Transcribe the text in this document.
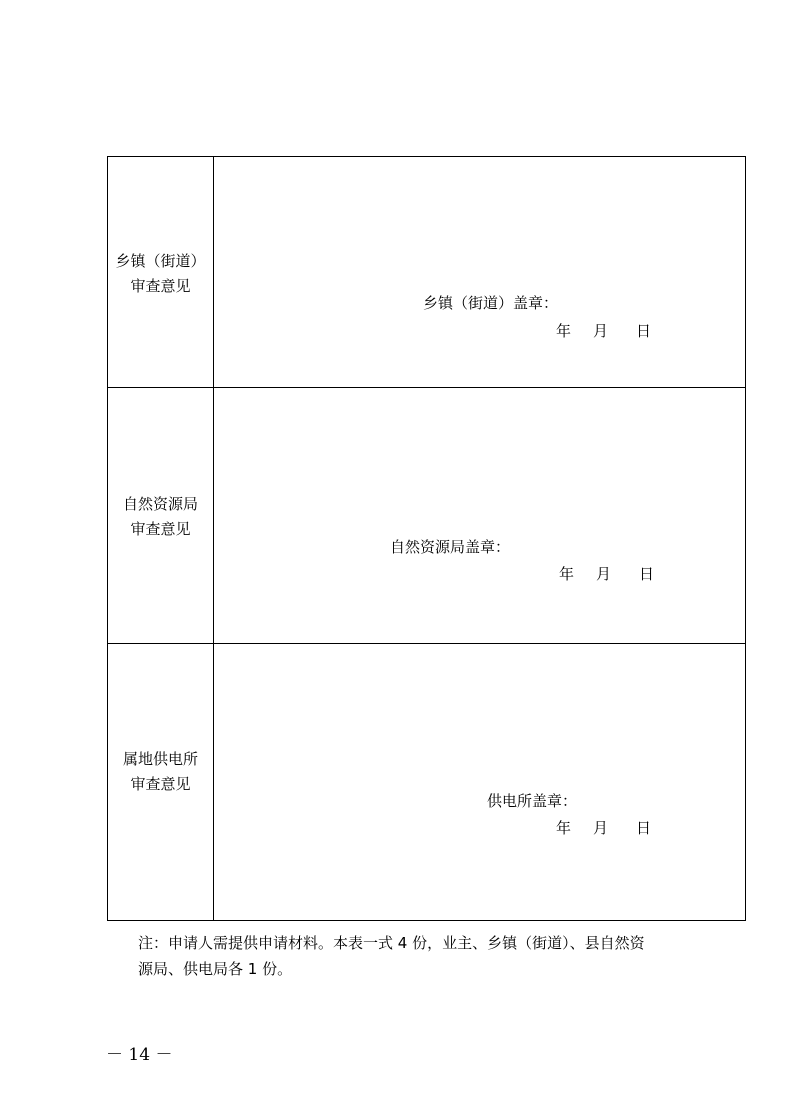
乡镇（街道）
审查意见
乡镇（街道）盖章：
年 月 日
自然资源局
审查意见
自然资源局盖章：
年 月 日
属地供电所
审查意见
供电所盖章：
年 月 日
注：申请人需提供申请材料。本表一式 4 份，业主、乡镇（街道）、县自然资
源局、供电局各 1 份。
－ 14 －
